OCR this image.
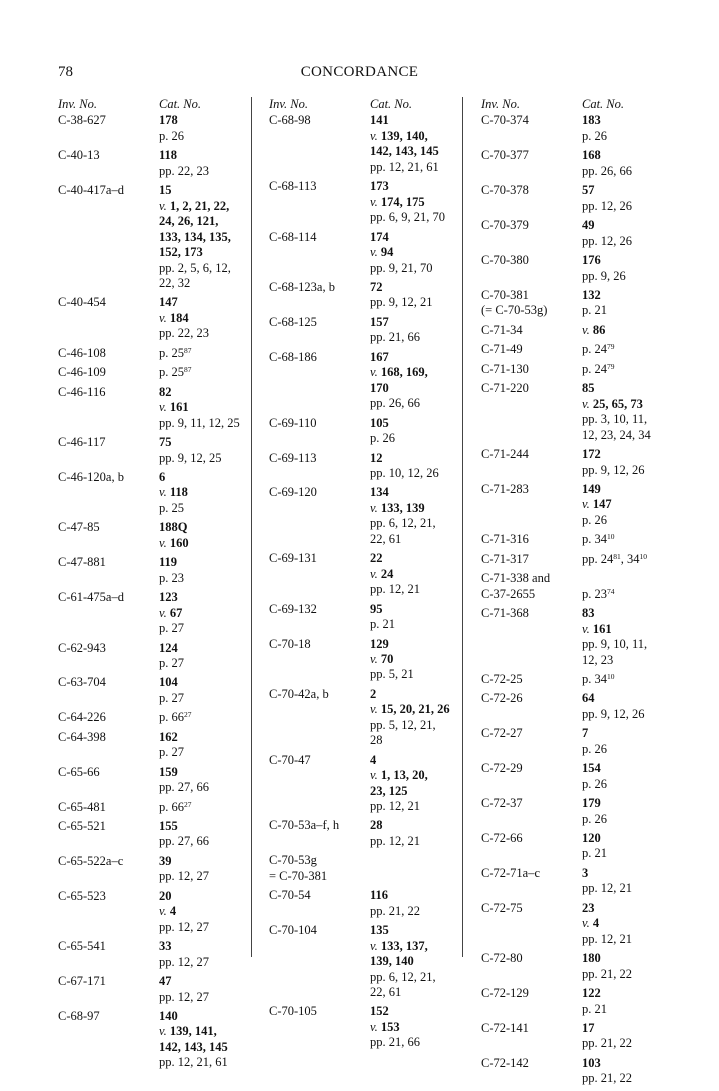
78	CONCORDANCE
Inv. No.	Cat. No.
C-38-627	178
p. 26
C-40-13	118
pp. 22, 23
C-40-417a–d	15
v. 1, 2, 21, 22,
24, 26, 121,
133, 134, 135,
152, 173
pp. 2, 5, 6, 12,
22, 32
C-40-454	147
v. 184
pp. 22, 23
C-46-108	p. $25^{87}$
C-46-109	p. $25^{87}$
C-46-116	82
v. 161
pp. 9, 11, 12, 25
C-46-117	75
pp. 9, 12, 25
C-46-120a, b	6
v. 118
p. 25
C-47-85	188Q
v. 160
C-47-881	119
p. 23
C-61-475a–d	123
v. 67
p. 27
C-62-943	124
p. 27
C-63-704	104
p. 27
C-64-226	p. $66^{27}$
C-64-398	162
p. 27
C-65-66	159
pp. 27, 66
C-65-481	p. $66^{27}$
C-65-521	155
pp. 27, 66
C-65-522a–c	39
pp. 12, 27
C-65-523	20
v. 4
pp. 12, 27
C-65-541	33
pp. 12, 27
C-67-171	47
pp. 12, 27
C-68-97	140
v. 139, 141,
142, 143, 145
pp. 12, 21, 61
Inv. No.	Cat. No.
C-68-98	141
v. 139, 140,
142, 143, 145
pp. 12, 21, 61
C-68-113	173
v. 174, 175
pp. 6, 9, 21, 70
C-68-114	174
v. 94
pp. 9, 21, 70
C-68-123a, b	72
pp. 9, 12, 21
C-68-125	157
pp. 21, 66
C-68-186	167
v. 168, 169,
170
pp. 26, 66
C-69-110	105
p. 26
C-69-113	12
pp. 10, 12, 26
C-69-120	134
v. 133, 139
pp. 6, 12, 21,
22, 61
C-69-131	22
v. 24
pp. 12, 21
C-69-132	95
p. 21
C-70-18	129
v. 70
pp. 5, 21
C-70-42a, b	2
v. 15, 20, 21, 26
pp. 5, 12, 21,
28
C-70-47	4
v. 1, 13, 20,
23, 125
pp. 12, 21
C-70-53a–f, h	28
pp. 12, 21
C-70-53g
= C-70-381
C-70-54	116
pp. 21, 22
C-70-104	135
v. 133, 137,
139, 140
pp. 6, 12, 21,
22, 61
C-70-105	152
v. 153
pp. 21, 66
Inv. No.	Cat. No.
C-70-374	183
p. 26
C-70-377	168
pp. 26, 66
C-70-378	57
pp. 12, 26
C-70-379	49
pp. 12, 26
C-70-380	176
pp. 9, 26
C-70-381	132
(= C-70-53g)	p. 21
C-71-34	v. 86
C-71-49	p. $24^{79}$
C-71-130	p. $24^{79}$
C-71-220	85
v. 25, 65, 73
pp. 3, 10, 11,
12, 23, 24, 34
C-71-244	172
pp. 9, 12, 26
C-71-283	149
v. 147
p. 26
C-71-316	p. $34^{10}$
C-71-317	pp. $24^{81}$, $34^{10}$
C-71-338 and
C-37-2655	p. $23^{74}$
C-71-368	83
v. 161
pp. 9, 10, 11,
12, 23
C-72-25	p. $34^{10}$
C-72-26	64
pp. 9, 12, 26
C-72-27	7
p. 26
C-72-29	154
p. 26
C-72-37	179
p. 26
C-72-66	120
p. 21
C-72-71a–c	3
pp. 12, 21
C-72-75	23
v. 4
pp. 12, 21
C-72-80	180
pp. 21, 22
C-72-129	122
p. 21
C-72-141	17
pp. 21, 22
C-72-142	103
pp. 21, 22
